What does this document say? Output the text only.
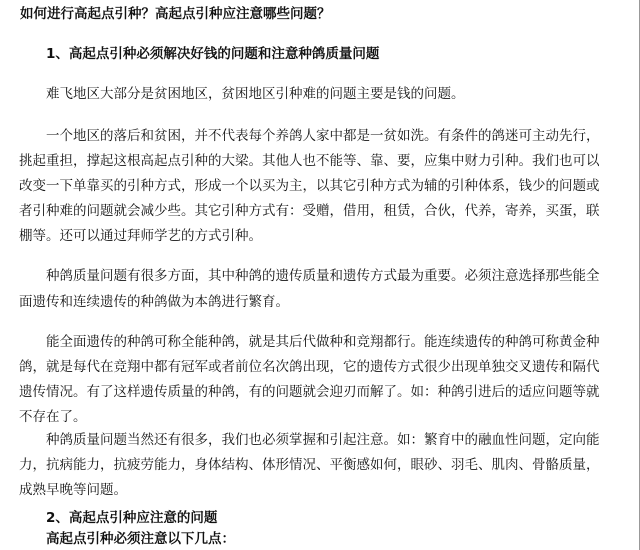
如何进行高起点引种？高起点引种应注意哪些问题？
1、高起点引种必须解决好钱的问题和注意种鸽质量问题
难飞地区大部分是贫困地区，贫困地区引种难的问题主要是钱的问题。
一个地区的落后和贫困，并不代表每个养鸽人家中都是一贫如洗。有条件的鸽迷可主动先行，
挑起重担，撑起这根高起点引种的大梁。其他人也不能等、靠、要，应集中财力引种。我们也可以
改变一下单靠买的引种方式，形成一个以买为主，以其它引种方式为辅的引种体系，钱少的问题或
者引种难的问题就会减少些。其它引种方式有：受赠，借用，租赁，合伙，代养，寄养，买蛋，联
棚等。还可以通过拜师学艺的方式引种。
种鸽质量问题有很多方面，其中种鸽的遗传质量和遗传方式最为重要。必须注意选择那些能全
面遗传和连续遗传的种鸽做为本鸽进行繁育。
能全面遗传的种鸽可称全能种鸽，就是其后代做种和竞翔都行。能连续遗传的种鸽可称黄金种
鸽，就是每代在竞翔中都有冠军或者前位名次鸽出现，它的遗传方式很少出现单独交叉遗传和隔代
遗传情况。有了这样遗传质量的种鸽，有的问题就会迎刃而解了。如：种鸽引进后的适应问题等就
不存在了。
种鸽质量问题当然还有很多，我们也必须掌握和引起注意。如：繁育中的融血性问题，定向能
力，抗病能力，抗疲劳能力，身体结构、体形情况、平衡感如何，眼砂、羽毛、肌肉、骨骼质量，
成熟早晚等问题。
2、高起点引种应注意的问题
高起点引种必须注意以下几点：
